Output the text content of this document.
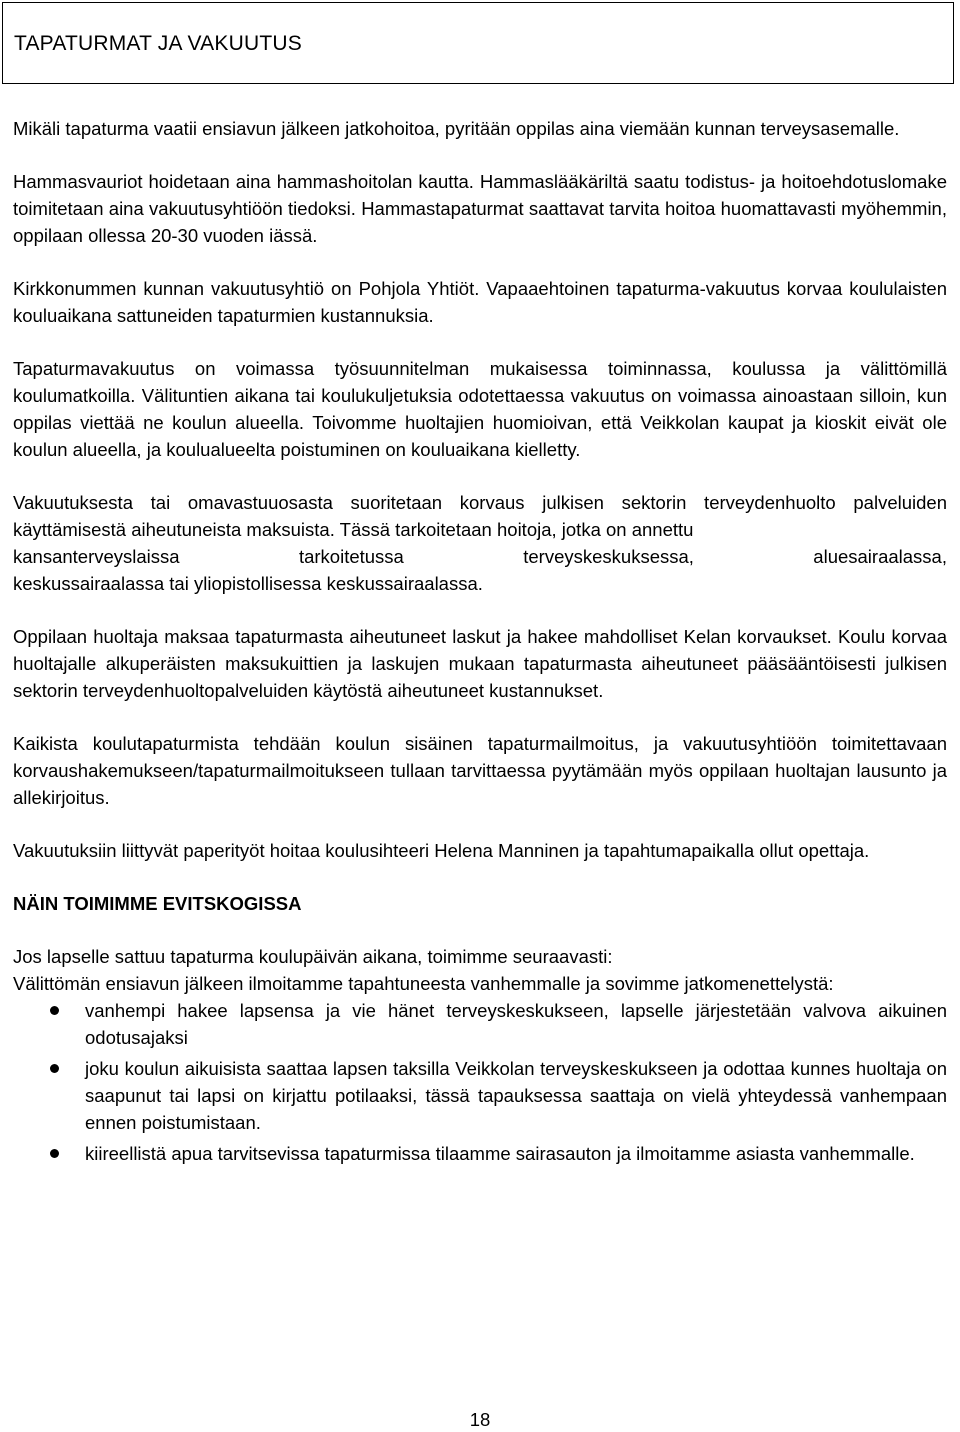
TAPATURMAT JA VAKUUTUS

Mikäli tapaturma vaatii ensiavun jälkeen jatkohoitoa, pyritään oppilas aina viemään kunnan terveysasemalle.

Hammasvauriot hoidetaan aina hammashoitolan kautta. Hammaslääkäriltä saatu todistus- ja hoitoehdotuslomake toimitetaan aina vakuutusyhtiöön tiedoksi. Hammastapaturmat saattavat tarvita hoitoa huomattavasti myöhemmin, oppilaan ollessa 20-30 vuoden iässä.

Kirkkonummen kunnan vakuutusyhtiö on Pohjola Yhtiöt. Vapaaehtoinen tapaturma-vakuutus korvaa koululaisten kouluaikana sattuneiden tapaturmien kustannuksia.

Tapaturmavakuutus on voimassa työsuunnitelman mukaisessa toiminnassa, koulussa ja välittömillä koulumatkoilla. Välituntien aikana tai koulukuljetuksia odotettaessa vakuutus on voimassa ainoastaan silloin, kun oppilas viettää ne koulun alueella. Toivomme huoltajien huomioivan, että Veikkolan kaupat ja kioskit eivät ole koulun alueella, ja koulualueelta poistuminen on kouluaikana kielletty.

Vakuutuksesta tai omavastuuosasta suoritetaan korvaus julkisen sektorin terveydenhuolto palveluiden käyttämisestä aiheutuneista maksuista. Tässä tarkoitetaan hoitoja, jotka on annettu
kansanterveyslaissa tarkoitetussa terveyskeskuksessa, aluesairaalassa,
keskussairaalassa tai yliopistollisessa keskussairaalassa.

Oppilaan huoltaja maksaa tapaturmasta aiheutuneet laskut ja hakee mahdolliset Kelan korvaukset. Koulu korvaa huoltajalle alkuperäisten maksukuittien ja laskujen mukaan tapaturmasta aiheutuneet pääsääntöisesti julkisen sektorin terveydenhuoltopalveluiden käytöstä aiheutuneet kustannukset.

Kaikista koulutapaturmista tehdään koulun sisäinen tapaturmailmoitus, ja vakuutusyhtiöön toimitettavaan korvaushakemukseen/tapaturmailmoitukseen tullaan tarvittaessa pyytämään myös oppilaan huoltajan lausunto ja allekirjoitus.

Vakuutuksiin liittyvät paperityöt hoitaa koulusihteeri Helena Manninen ja tapahtumapaikalla ollut opettaja.

NÄIN TOIMIMME EVITSKOGISSA

Jos lapselle sattuu tapaturma koulupäivän aikana, toimimme seuraavasti:
Välittömän ensiavun jälkeen ilmoitamme tapahtuneesta vanhemmalle ja sovimme jatkomenettelystä:

vanhempi hakee lapsensa ja vie hänet terveyskeskukseen, lapselle järjestetään valvova aikuinen odotusajaksi
joku koulun aikuisista saattaa lapsen taksilla Veikkolan terveyskeskukseen ja odottaa kunnes huoltaja on saapunut tai lapsi on kirjattu potilaaksi, tässä tapauksessa saattaja on vielä yhteydessä vanhempaan ennen poistumistaan.
kiireellistä apua tarvitsevissa tapaturmissa tilaamme sairasauton ja ilmoitamme asiasta vanhemmalle.
18
